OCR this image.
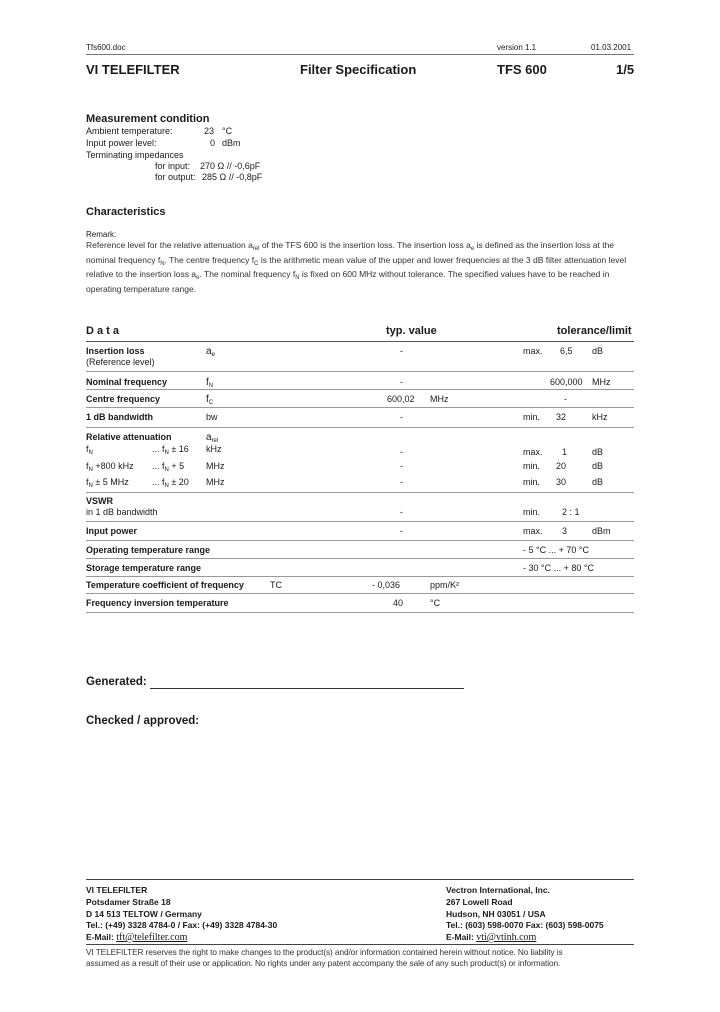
Tfs600.doc	version 1.1	01.03.2001
VI TELEFILTER	Filter Specification	TFS 600	1/5
Measurement condition
Ambient temperature:	23 °C
Input power level:	0 dBm
Terminating impedances
for input: 270 Ω // -0,6pF
for output: 285 Ω // -0,8pF
Characteristics
Remark:
Reference level for the relative attenuation $a_{rel}$ of the TFS 600 is the insertion loss. The insertion loss $a_e$ is defined as the insertion loss at the nominal frequency $f_N$. The centre frequency $f_C$ is the arithmetic mean value of the upper and lower frequencies at the 3 dB filter attenuation level relative to the insertion loss $a_e$. The nominal frequency $f_N$ is fixed on 600 MHz without tolerance. The specified values have to be reached in operating temperature range.
D a t a	typ. value	tolerance/limit
Insertion loss
(Reference level)
$a_e$	-	max. 6,5 dB
Nominal frequency	$f_N$	-	600,000 MHz
Centre frequency	$f_C$	600,02 MHz	-
1 dB bandwidth	bw	-	min. 32	kHz
Relative attenuation	$a_{rel}$
$f_N$	... $f_N \pm 16$ kHz	-	max. 1	dB
$f_N +800$ kHz ... $f_N + 5$ MHz	-	min. 20	dB
$f_N \pm 5$ MHz	... $f_N \pm 20$ MHz	-	min. 30	dB
VSWR
in 1 dB bandwidth	-	min. 2 : 1
Input power	-	max. 3	dBm
Operating temperature range	- 5 °C ... + 70 °C
Storage temperature range	- 30 °C ... + 80 °C
Temperature coefficient of frequency	TC	- 0,036	ppm/K²
Frequency inversion temperature	40	°C
Generated:
Checked / approved:
VI TELEFILTER
Potsdamer Straße 18
D 14 513 TELTOW / Germany
Tel.: (+49) 3328 4784-0 / Fax: (+49) 3328 4784-30
E-Mail: tft@telefilter.com
Vectron International, Inc.
267 Lowell Road
Hudson, NH 03051 / USA
Tel.: (603) 598-0070 Fax: (603) 598-0075
E-Mail: vti@vtinh.com
VI TELEFILTER reserves the right to make changes to the product(s) and/or information contained herein without notice. No liability is
assumed as a result of their use or application. No rights under any patent accompany the sale of any such product(s) or information.
